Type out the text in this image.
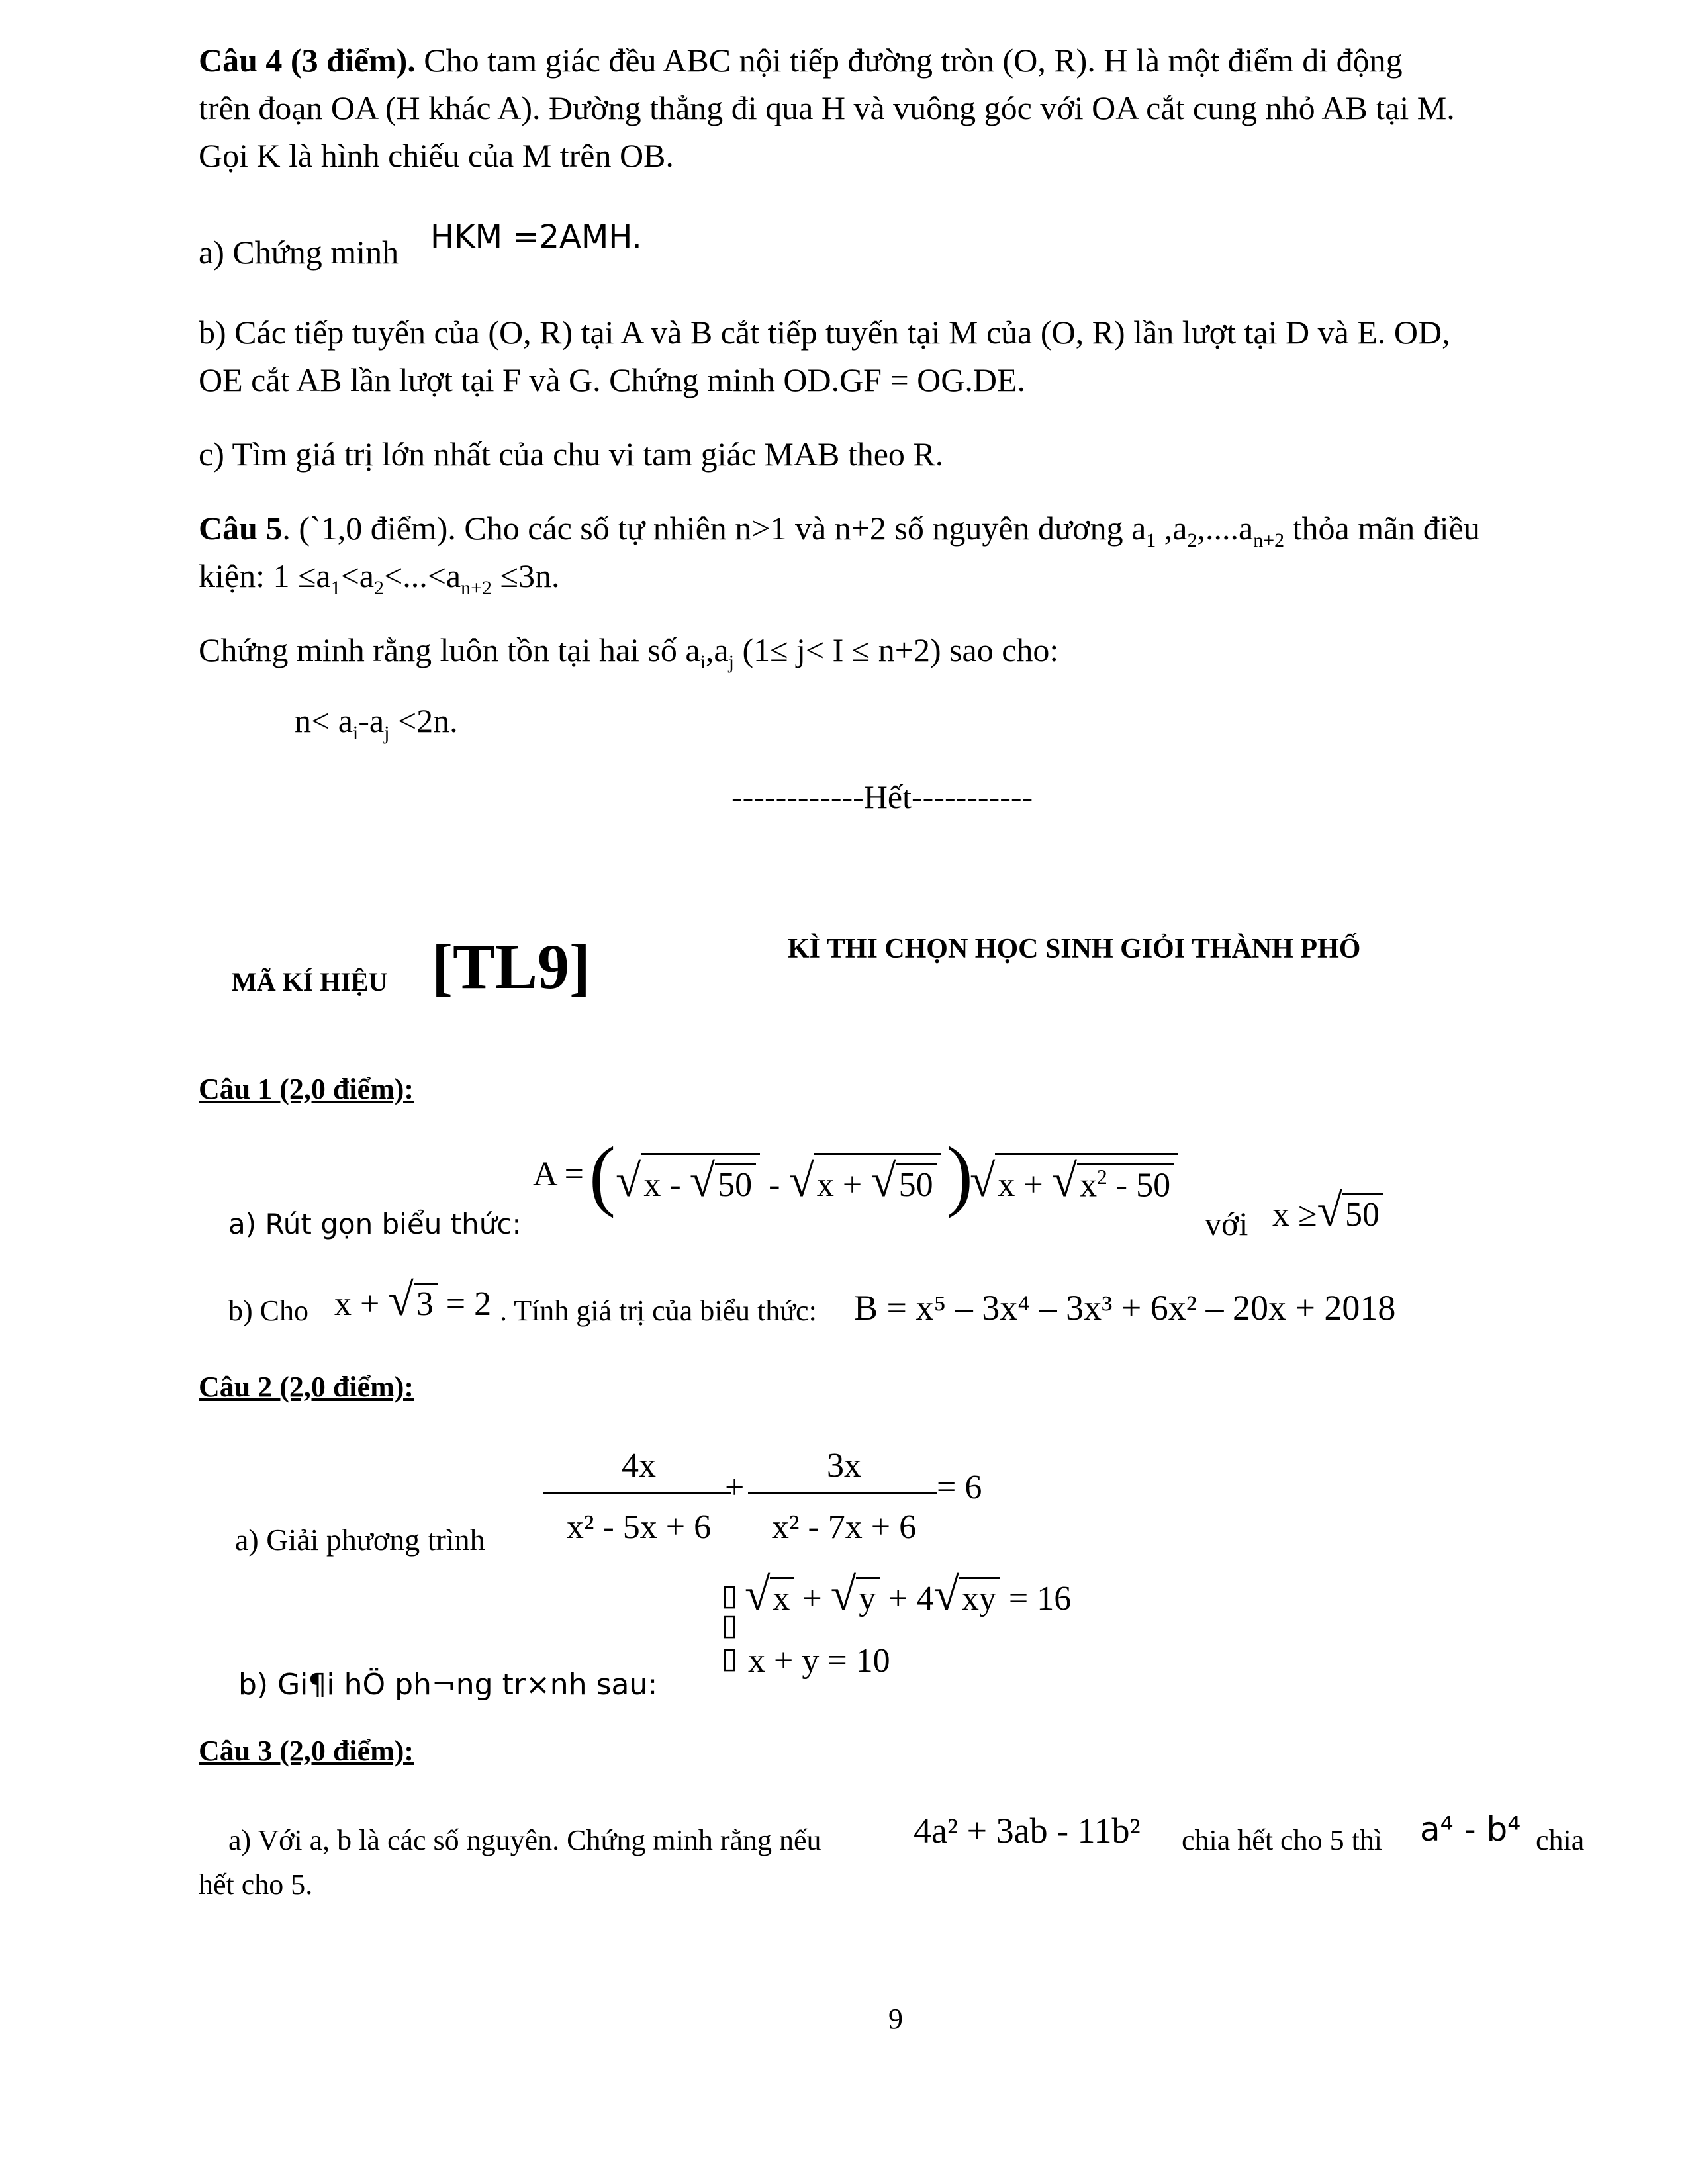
Câu 4 (3 điểm). Cho tam giác đều ABC nội tiếp đường tròn (O, R). H là một điểm di động
trên đoạn OA (H khác A). Đường thẳng đi qua H và vuông góc với OA cắt cung nhỏ AB tại M.
Gọi K là hình chiếu của M trên OB.
a) Chứng minh HKM =2AMH.
b) Các tiếp tuyến của (O, R) tại A và B cắt tiếp tuyến tại M của (O, R) lần lượt tại D và E. OD,
OE cắt AB lần lượt tại F và G. Chứng minh OD.GF = OG.DE.
c) Tìm giá trị lớn nhất của chu vi tam giác MAB theo R.
Câu 5. (`1,0 điểm). Cho các số tự nhiên n>1 và n+2 số nguyên dương $a_1$ $,a_2,....a_{n+2}$ thỏa mãn điều
kiện: $1 \le a_1<a_2<...<a_{n+2} \le 3n$.
Chứng minh rằng luôn tồn tại hai số $a_i,a_j$ (1≤ j< I ≤ n+2) sao cho:
$n< a_i-a_j <2n$.
------------Hết-----------
MÃ KÍ HIỆU [TL9]	KÌ THI CHỌN HỌC SINH GIỎI THÀNH PHỐ
Câu 1 (2,0 điểm):
A = ( √x - √50 - √x + √50 )
$√x + √x^2 - 50$
a) Rút gọn biểu thức:	với x ≥√50
b) Cho x + √3 = 2 . Tính giá trị của biểu thức: B = x⁵ – 3x⁴ – 3x³ + 6x² – 20x + 2018
Câu 2 (2,0 điểm):
4x
x² - 5x + 6
+
3x
x² - 7x + 6
= 6
a) Giải phương trình
▯
▯
▯
√x + √y + 4√xy = 16
x + y = 10
b) Gi¶i hÖ ph¬ng tr×nh sau:
Câu 3 (2,0 điểm):
a) Với a, b là các số nguyên. Chứng minh rằng nếu	4a² + 3ab - 11b² chia hết cho 5 thì a⁴ - b⁴ chia
hết cho 5.
9
